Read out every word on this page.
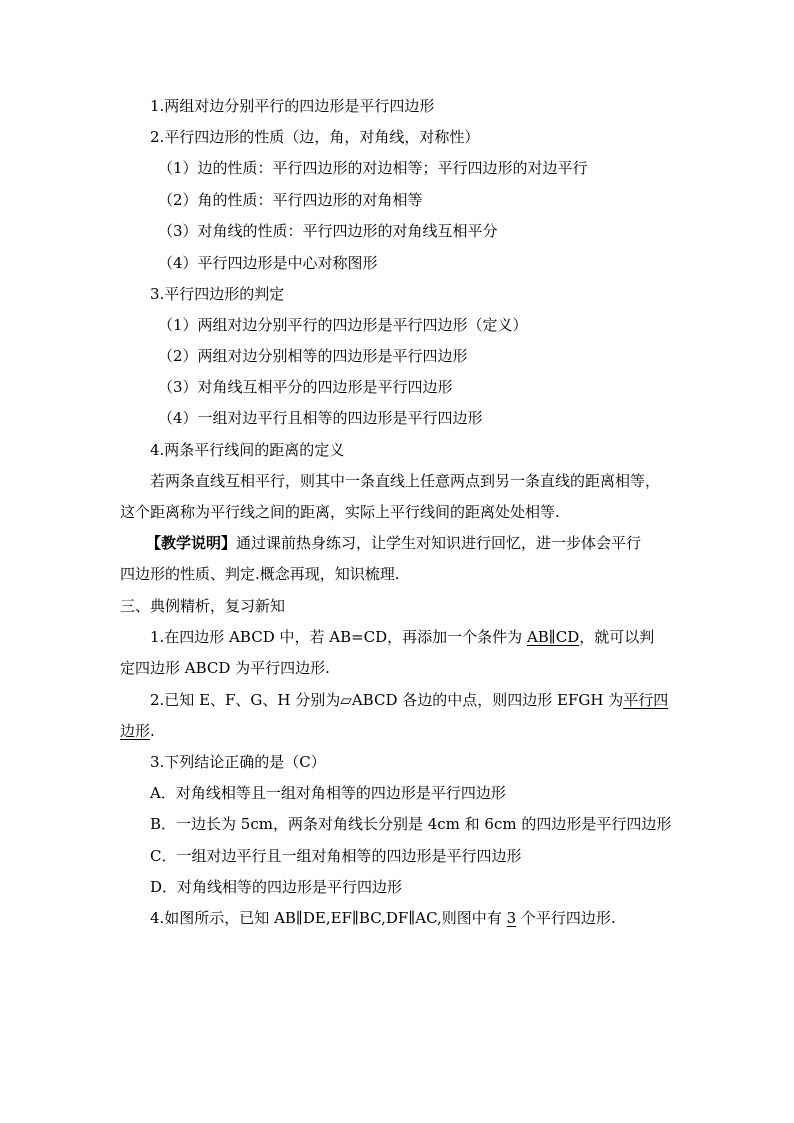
1.两组对边分别平行的四边形是平行四边形
2.平行四边形的性质（边，角，对角线，对称性）
（1）边的性质：平行四边形的对边相等；平行四边形的对边平行
（2）角的性质：平行四边形的对角相等
（3）对角线的性质：平行四边形的对角线互相平分
（4）平行四边形是中心对称图形
3.平行四边形的判定
（1）两组对边分别平行的四边形是平行四边形（定义）
（2）两组对边分别相等的四边形是平行四边形
（3）对角线互相平分的四边形是平行四边形
（4）一组对边平行且相等的四边形是平行四边形
4.两条平行线间的距离的定义
若两条直线互相平行，则其中一条直线上任意两点到另一条直线的距离相等，
这个距离称为平行线之间的距离，实际上平行线间的距离处处相等.
【教学说明】通过课前热身练习，让学生对知识进行回忆，进一步体会平行
四边形的性质、判定.概念再现，知识梳理.
三、典例精析，复习新知
1.在四边形 ABCD 中，若 AB=CD，再添加一个条件为 AB∥CD，就可以判
定四边形 ABCD 为平行四边形.
2.已知 E、F、G、H 分别为▱ABCD 各边的中点，则四边形 EFGH 为平行四
边形.
3.下列结论正确的是（C）
A．对角线相等且一组对角相等的四边形是平行四边形
B．一边长为 5cm，两条对角线长分别是 4cm 和 6cm 的四边形是平行四边形
C．一组对边平行且一组对角相等的四边形是平行四边形
D．对角线相等的四边形是平行四边形
4.如图所示，已知 AB∥DE,EF∥BC,DF∥AC,则图中有 3 个平行四边形.
